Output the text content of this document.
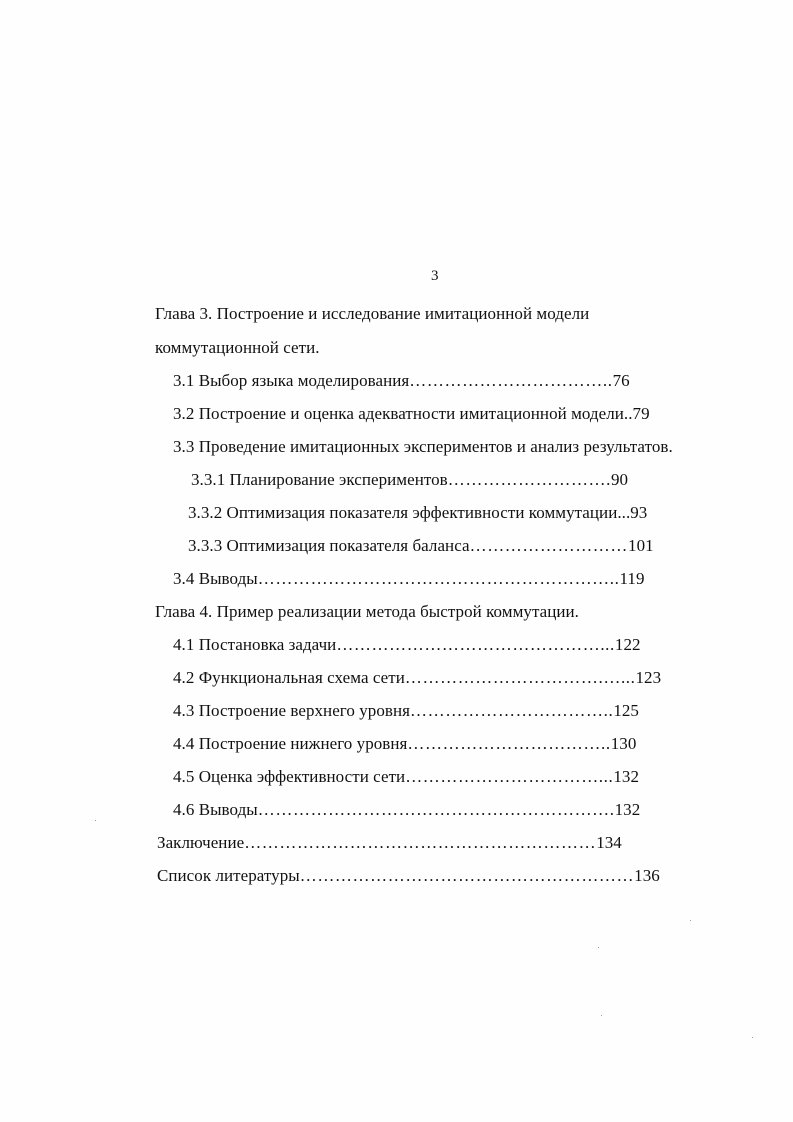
3
Глава 3. Построение и исследование имитационной модели
коммутационной сети.
3.1 Выбор языка моделирования……………………………..76
3.2 Построение и оценка адекватности имитационной модели..79
3.3 Проведение имитационных экспериментов и анализ результатов.
3.3.1 Планирование экспериментов……………………….90
3.3.2 Оптимизация показателя эффективности коммутации...93
3.3.3 Оптимизация показателя баланса………………………101
3.4 Выводы……………………………………………………..119
Глава 4. Пример реализации метода быстрой коммутации.
4.1 Постановка задачи………………………………………...122
4.2 Функциональная схема сети…………………………….…...123
4.3 Построение верхнего уровня……………………………..125
4.4 Построение нижнего уровня……………………………..130
4.5 Оценка эффективности сети……………………………...132
4.6 Выводы…………………………………………………….132
Заключение……………………………………………………134
Список литературы…………………………………………………136
